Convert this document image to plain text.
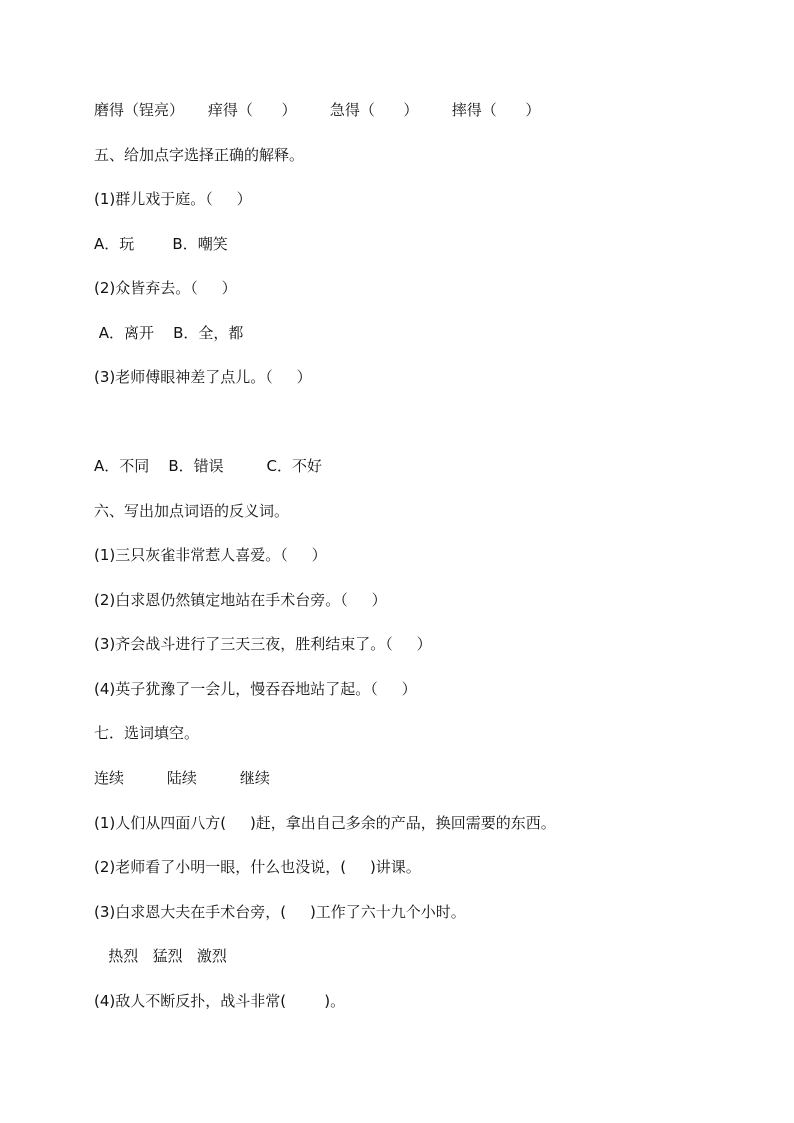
磨得（锃亮）     痒得（      ）       急得（      ）       摔得（      ）
五、给加点字选择正确的解释。
(1)群儿戏于庭。（     ）
A．玩        B．嘲笑
(2)众皆弃去。（     ）
A．离开    B．全，都
(3)老师傅眼神差了点儿。（     ）
A．不同    B．错误         C．不好
六、写出加点词语的反义词。
(1)三只灰雀非常惹人喜爱。（     ）
(2)白求恩仍然镇定地站在手术台旁。（     ）
(3)齐会战斗进行了三天三夜，胜利结束了。（     ）
(4)英子犹豫了一会儿，慢吞吞地站了起。（     ）
七．选词填空。
连续         陆续         继续
(1)人们从四面八方(     )赶，拿出自己多余的产品，换回需要的东西。
(2)老师看了小明一眼，什么也没说，(     )讲课。
(3)白求恩大夫在手术台旁，(     )工作了六十九个小时。
热烈   猛烈   激烈
(4)敌人不断反扑，战斗非常(        )。
